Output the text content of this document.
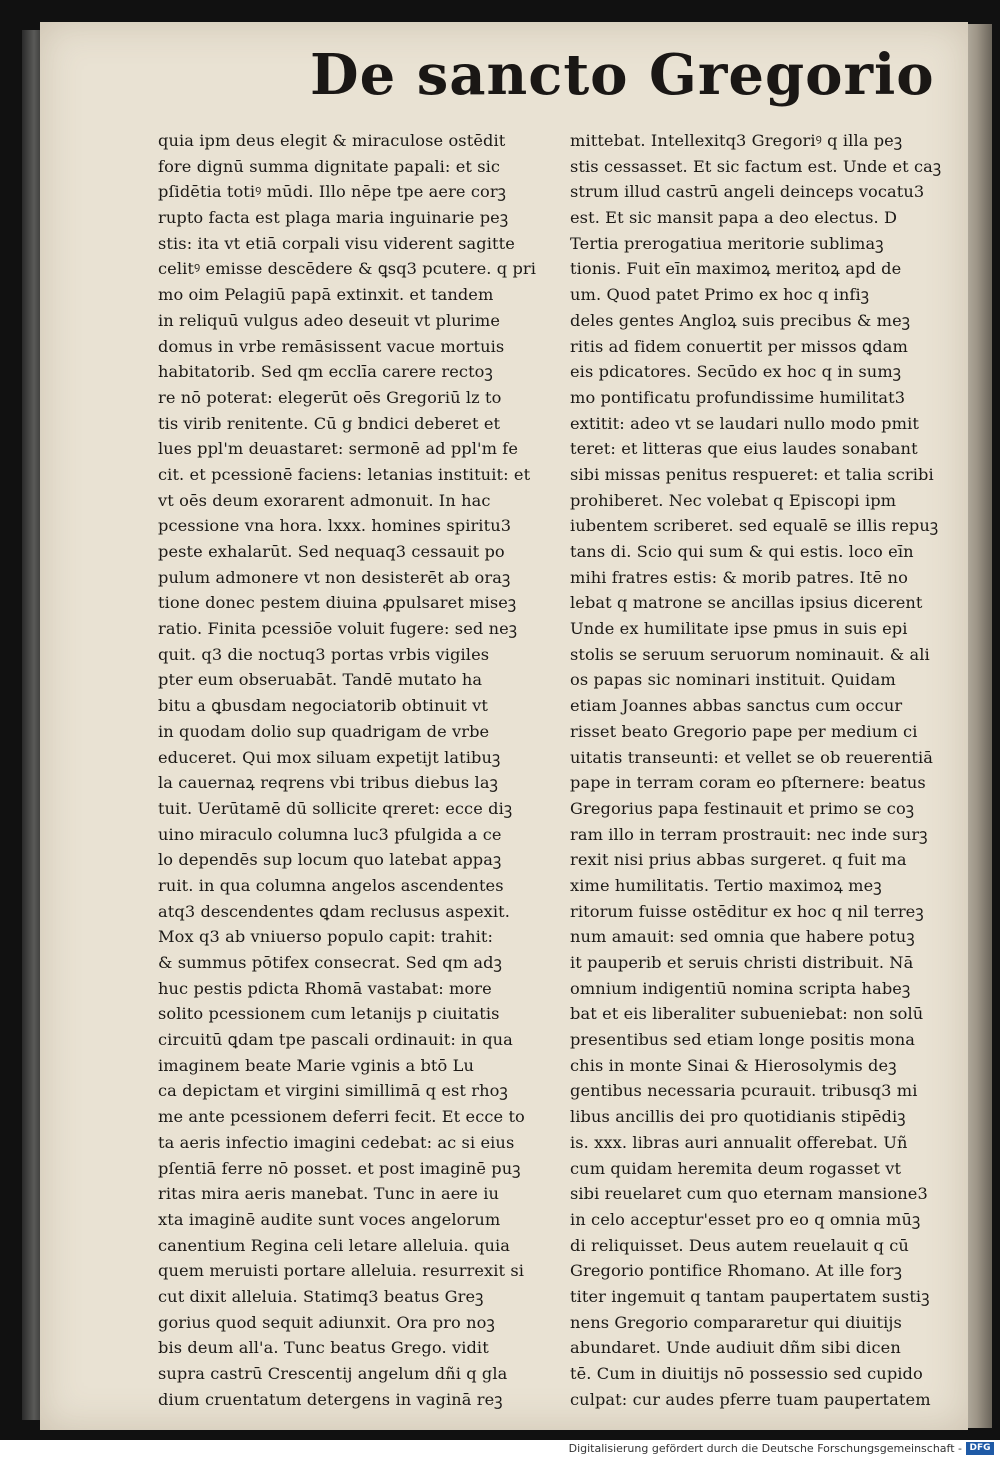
De sancto Gregorio
quia ipm deus elegit & miraculose ostēdit
fore dignū summa dignitate papali: et sic
pſidētia totiꝰ mūdi. Illo nēpe tpe aere corꝫ
rupto facta est plaga maria inguinarie peꝫ
stis: ita vt etiā corpali visu viderent sagitte
celitꝰ emisse descēdere & ꝗsq3 pcutere. q pri
mo oim Pelagiū papā extinxit. et tandem
in reliquū vulgus adeo deseuit vt plurime
domus in vrbe remāsissent vacue mortuis
habitatorib. Sed qm ecclīa carere rectoꝫ
re nō poterat: elegerūt oēs Gregoriū lz to
tis virib renitente. Cū g bndici deberet et
lues ppl'm deuastaret: sermonē ad ppl'm fe
cit. et pcessionē faciens: letanias instituit: et
vt oēs deum exorarent admonuit. In hac
pcessione vna hora. lxxx. homines spiritu3
peste exhalarūt. Sed nequaq3 cessauit po
pulum admonere vt non desisterēt ab oraꝫ
tione donec pestem diuina ꝓpulsaret miseꝫ
ratio. Finita pcessiōe voluit fugere: sed neꝫ
quit. q3 die noctuq3 portas vrbis vigiles
pter eum obseruabāt. Tandē mutato ha
bitu a ꝗbusdam negociatorib obtinuit vt
in quodam dolio sup quadrigam de vrbe
educeret. Qui mox siluam expetijt latibuꝫ
la cauernaꝝ reqrens vbi tribus diebus laꝫ
tuit. Uerūtamē dū sollicite qreret: ecce diꝫ
uino miraculo columna luc3 pfulgida a ce
lo dependēs sup locum quo latebat appaꝫ
ruit. in qua columna angelos ascendentes
atq3 descendentes ꝗdam reclusus aspexit.
Mox q3 ab vniuerso populo capit: trahit:
& summus pōtifex consecrat. Sed qm adꝫ
huc pestis pdicta Rhomā vastabat: more
solito pcessionem cum letanijs p ciuitatis
circuitū ꝗdam tpe pascali ordinauit: in qua
imaginem beate Marie vginis a btō Lu
ca depictam et virgini simillimā q est rhoꝫ
me ante pcessionem deferri fecit. Et ecce to
ta aeris infectio imagini cedebat: ac si eius
pſentiā ferre nō posset. et post imaginē puꝫ
ritas mira aeris manebat. Tunc in aere iu
xta imaginē audite sunt voces angelorum
canentium Regina celi letare alleluia. quia
quem meruisti portare alleluia. resurrexit si
cut dixit alleluia. Statimq3 beatus Greꝫ
gorius quod sequit adiunxit. Ora pro noꝫ
bis deum all'a. Tunc beatus Grego. vidit
supra castrū Crescentij angelum dñi q gla
dium cruentatum detergens in vaginā reꝫ
mittebat. Intellexitq3 Gregoriꝰ q illa peꝫ
stis cessasset. Et sic factum est. Unde et caꝫ
strum illud castrū angeli deinceps vocatu3
est. Et sic mansit papa a deo electus. D
Tertia prerogatiua meritorie sublimaꝫ
tionis. Fuit eīn maximoꝝ meritoꝝ apd de
um. Quod patet Primo ex hoc q infiꝫ
deles gentes Angloꝝ suis precibus & meꝫ
ritis ad fidem conuertit per missos ꝗdam
eis pdicatores. Secūdo ex hoc q in sumꝫ
mo pontificatu profundissime humilitat3
extitit: adeo vt se laudari nullo modo pmit
teret: et litteras que eius laudes sonabant
sibi missas penitus respueret: et talia scribi
prohiberet. Nec volebat q Episcopi ipm
iubentem scriberet. sed equalē se illis repuꝫ
tans di. Scio qui sum & qui estis. loco eīn
mihi fratres estis: & morib patres. Itē no
lebat q matrone se ancillas ipsius dicerent
Unde ex humilitate ipse pmus in suis epi
stolis se seruum seruorum nominauit. & ali
os papas sic nominari instituit. Quidam
etiam Joannes abbas sanctus cum occur
risset beato Gregorio pape per medium ci
uitatis transeunti: et vellet se ob reuerentiā
pape in terram coram eo pſternere: beatus
Gregorius papa festinauit et primo se coꝫ
ram illo in terram prostrauit: nec inde surꝫ
rexit nisi prius abbas surgeret. q fuit ma
xime humilitatis. Tertio maximoꝝ meꝫ
ritorum fuisse ostēditur ex hoc q nil terreꝫ
num amauit: sed omnia que habere potuꝫ
it pauperib et seruis christi distribuit. Nā
omnium indigentiū nomina scripta habeꝫ
bat et eis liberaliter subueniebat: non solū
presentibus sed etiam longe positis mona
chis in monte Sinai & Hierosolymis deꝫ
gentibus necessaria pcurauit. tribusq3 mi
libus ancillis dei pro quotidianis stipēdiꝫ
is. xxx. libras auri annualit offerebat. Uñ
cum quidam heremita deum rogasset vt
sibi reuelaret cum quo eternam mansione3
in celo acceptur'esset pro eo q omnia mūꝫ
di reliquisset. Deus autem reuelauit q cū
Gregorio pontifice Rhomano. At ille forꝫ
titer ingemuit q tantam paupertatem sustiꝫ
nens Gregorio compararetur qui diuitijs
abundaret. Unde audiuit dñm sibi dicen
tē. Cum in diuitijs nō possessio sed cupido
culpat: cur audes pferre tuam paupertatem
Digitalisierung gefördert durch die Deutsche Forschungsgemeinschaft - DFG
